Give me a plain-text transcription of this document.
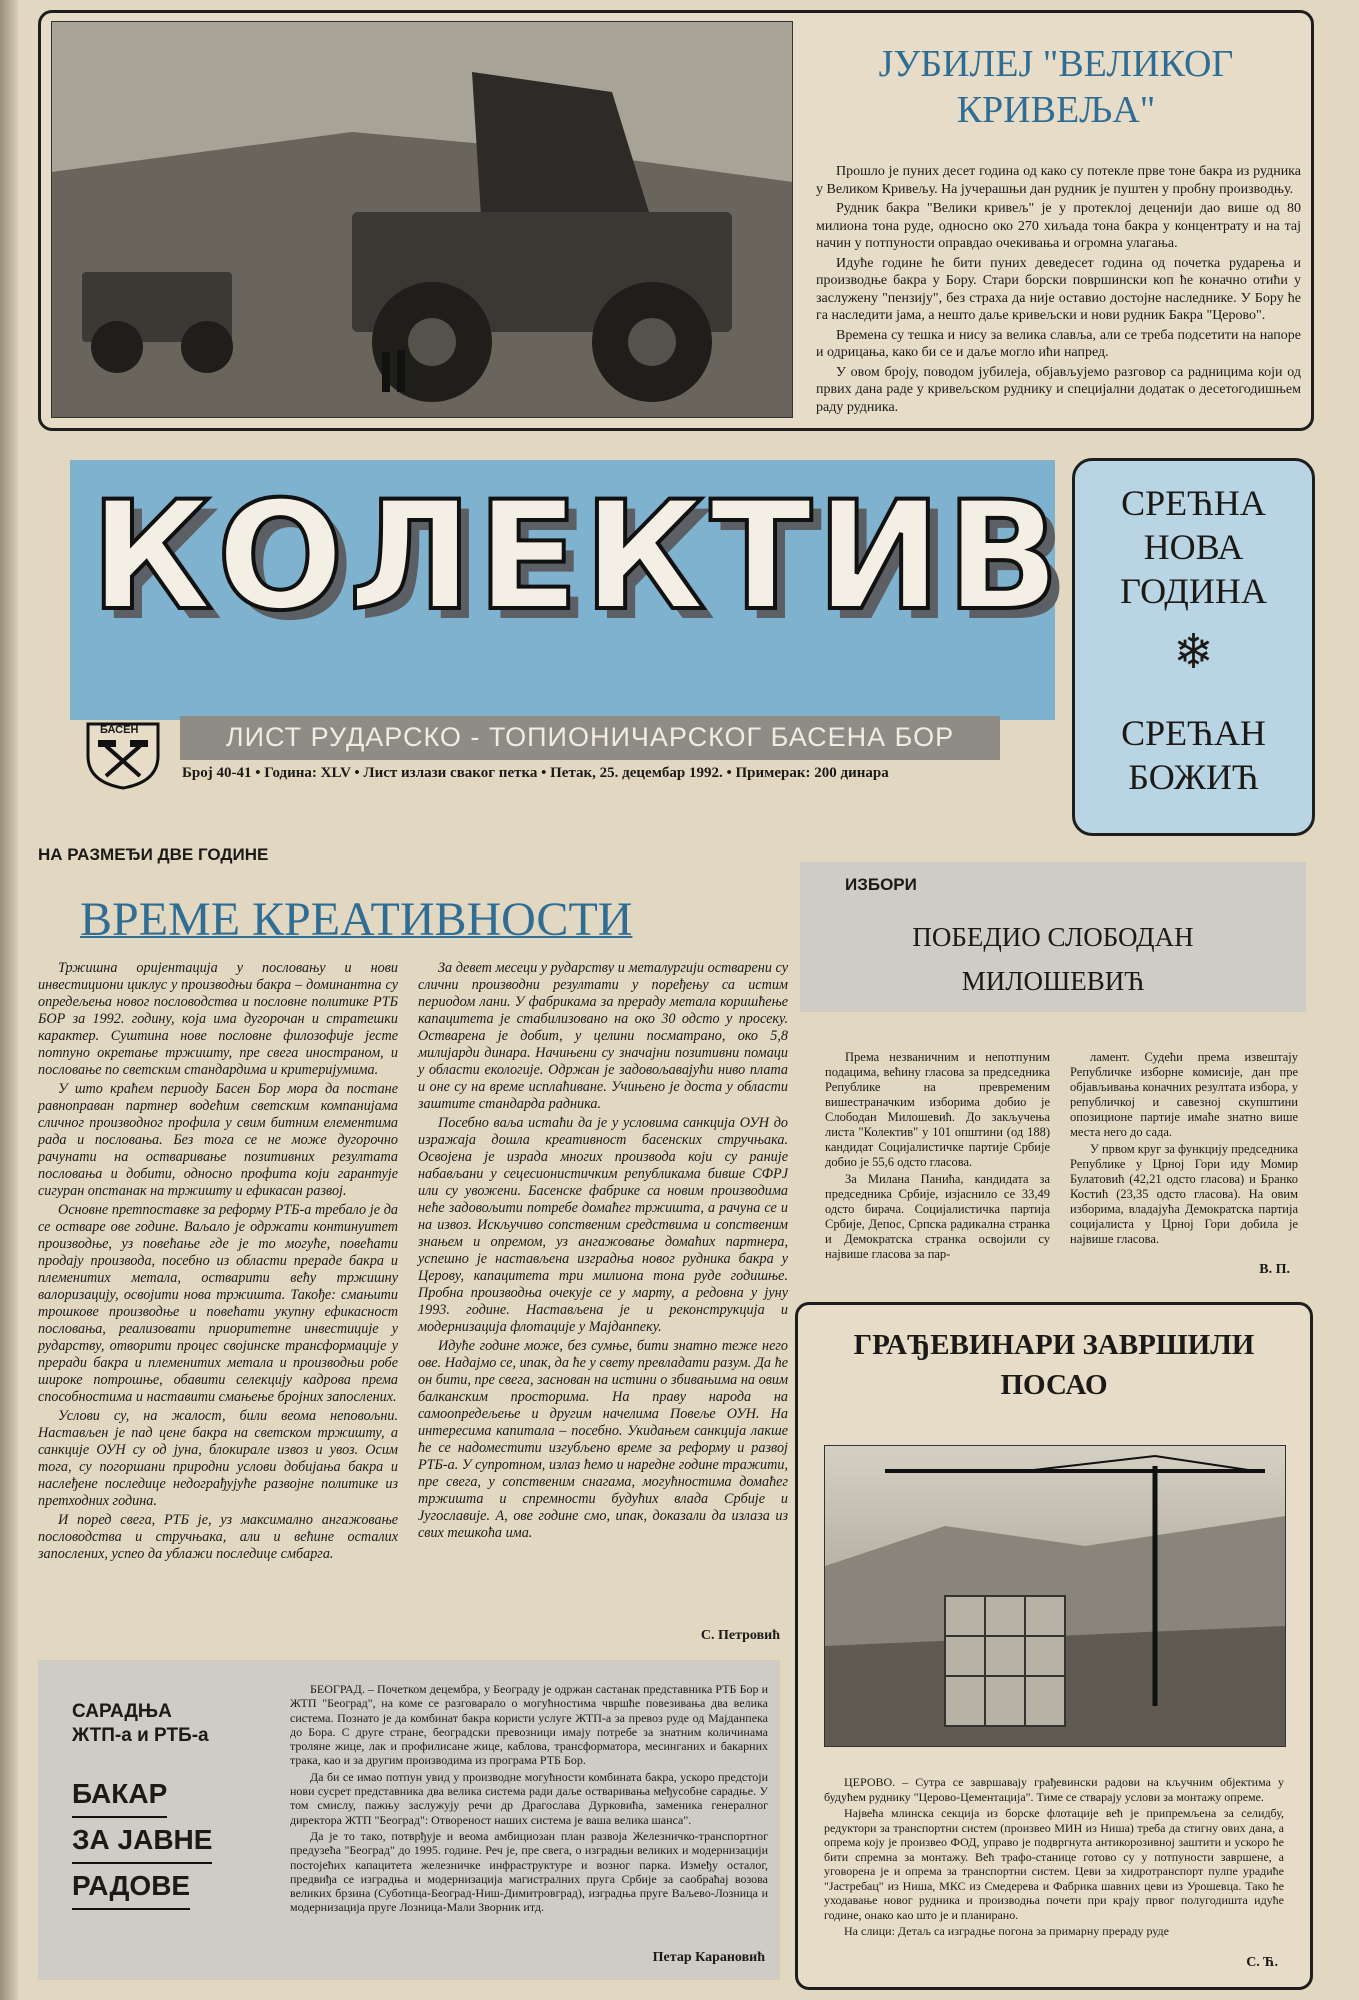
ЈУБИЛЕЈ "ВЕЛИКОГ
КРИВЕЉА"

Прошло је пуних десет година од како су потекле прве тоне бакра из рудника у Великом Кривељу. На јучерашњи дан рудник је пуштен у пробну производњу.

Рудник бакра "Велики кривељ" је у протеклој деценији дао више од 80 милиона тона руде, односно око 270 хиљада тона бакра у концентрату и на тај начин у потпуности оправдао очекивања и огромна улагања.

Идуће године ће бити пуних деведесет година од почетка рударења и производње бакра у Бору. Стари борски површински коп ће коначно отићи у заслужену "пензију", без страха да није оставио достојне наследнике. У Бору ће га наследити јама, а нешто даље кривељски и нови рудник Бакра "Церово".

Времена су тешка и нису за велика славља, али се треба подсетити на напоре и одрицања, како би се и даље могло ићи напред.

У овом броју, поводом јубилеја, објављујемо разговор са радницима који од првих дана раде у кривељском руднику и специјални додатак о десетогодишњем раду рудника.

КОЛЕКТИВ
ЛИСТ РУДАРСКО - ТОПИОНИЧАРСКОГ БАСЕНА БОР
БАСЕН
Број 40-41 • Година: XLV • Лист излази сваког петка • Петак, 25. децембар 1992. • Примерак: 200 динара
СРЕЋНА
НОВА
ГОДИНА
❄
СРЕЋАН
БОЖИЋ
НА РАЗМЕЂИ ДВЕ ГОДИНЕ
ВРЕМЕ КРЕАТИВНОСТИ

Тржишна оријентација у пословању и нови инвестициони циклус у производњи бакра – доминантна су опредељења новог пословодства и пословне политике РТБ БОР за 1992. годину, која има дугорочан и стратешки карактер. Суштина нове пословне филозофије јесте потпуно окретање тржишту, пре свега иностраном, и пословање по светским стандардима и критеријумима.

У што краћем периоду Басен Бор мора да постане равноправан партнер водећим светским компанијама сличног производног профила у свим битним елементима рада и пословања. Без тога се не може дугорочно рачунати на остваривање позитивних резултата пословања и добити, односно профита који гарантује сигуран опстанак на тржишту и ефикасан развој.

Основне претпоставке за реформу РТБ-а требало је да се остваре ове године. Ваљало је одржати континуитет производње, уз повећање где је то могуће, повећати продају производа, посебно из области прераде бакра и племенитих метала, остварити већу тржишну валоризацију, освојити нова тржишта. Такође: смањити трошкове производње и повећати укупну ефикасност пословања, реализовати приоритетне инвестиције у рударству, отворити процес својинске трансформације у преради бакра и племенитих метала и производњи робе широке потрошње, обавити селекцију кадрова према способностима и наставити смањење бројних запослених.

Услови су, на жалост, били веома неповољни. Настављен је пад цене бакра на светском тржишту, а санкције ОУН су од јуна, блокирале извоз и увоз. Осим тога, су погоршани природни услови добијања бакра и наслеђене последице недограђујуће развојне политике из претходних година.

И поред свега, РТБ је, уз максимално ангажовање пословодства и стручњака, али и већине осталих запослених, успео да ублажи последице смбарга.

За девет месеци у рударству и металургији остварени су слични производни резултати у поређењу са истим периодом лани. У фабрикама за прераду метала коришћење капацитета је стабилизовано на око 30 одсто у просеку. Остварена је добит, у целини посматрано, око 5,8 милијарди динара. Начињени су значајни позитивни помаци у области екологије. Одржан је задовољавајући ниво плата и оне су на време исплаћиване. Учињено је доста у области заштите стандарда радника.

Посебно ваља истаћи да је у условима санкција ОУН до изражаја дошла креативност басенских стручњака. Освојена је израда многих производа који су раније набављани у сецесионистичким републикама бивше СФРЈ или су увожени. Басенске фабрике са новим производима неће задовољити потребе домаћег тржишта, а рачуна се и на извоз. Искључиво сопственим средствима и сопственим знањем и опремом, уз ангажовање домаћих партнера, успешно је настављена изградња новог рудника бакра у Церову, капацитета три милиона тона руде годишње. Пробна производња очекује се у марту, а редовна у јуну 1993. године. Настављена је и реконструкција и модернизација флотације у Мајданпеку.

Идуће године може, без сумње, бити знатно теже него ове. Надајмо се, ипак, да ће у свету превладати разум. Да ће он бити, пре свега, заснован на истини о збивањима на овим балканским просторима. На праву народа на самоопредељење и другим начелима Повеље ОУН. На интересима капитала – посебно. Укидањем санкција лакше ће се надоместити изгубљено време за реформу и развој РТБ-а. У супротном, излаз ћемо и наредне године тражити, пре свега, у сопственим снагама, могућностима домаћег тржишта и спремности будућих влада Србије и Југославије. А, ове године смо, ипак, доказали да излаза из свих тешкоћа има.

С. Петровић
САРАДЊА
ЖТП-а и РТБ-а
БАКАР
ЗА ЈАВНЕ
РАДОВЕ

БЕОГРАД. – Почетком децембра, у Београду је одржан састанак представника РТБ Бор и ЖТП "Београд", на коме се разговарало о могућностима чвршће повезивања два велика система. Познато је да комбинат бакра користи услуге ЖТП-а за превоз руде од Мајданпека до Бора. С друге стране, београдски превозници имају потребе за знатним количинама троляне жице, лак и профилисане жице, каблова, трансформатора, месинганих и бакарних трака, као и за другим производима из програма РТБ Бор.

Да би се имао потпун увид у производне могућности комбината бакра, ускоро предстоји нови сусрет представника два велика система ради даље остваривања међусобне сарадње. У том смислу, пажњу заслужују речи др Драгослава Дурковића, заменика генералног директора ЖТП "Београд": Отвореност наших система је вашa велика шанса".

Да је то тако, потврђује и веома амбициозан план развоја Железничко-транспортног предузећа "Београд" до 1995. године. Реч је, пре свега, о изградњи великих и модернизацији постојећих капацитета железничке инфраструктуре и возног парка. Између осталог, предвиђа се изградња и модернизација магистралних пруга Србије за саобраћај возова великих брзина (Суботица-Београд-Ниш-Димитровград), изградња пруге Ваљево-Лозница и модернизација пруге Лозница-Мали Зворник итд.

Петар Карановић
ИЗБОРИ
ПОБЕДИО СЛОБОДАН
МИЛОШЕВИЋ

Према незваничним и непотпуним подацима, већину гласова за председника Републике на превременим вишестраначким изборима добио је Слободан Милошевић. До закључења листа "Колектив" у 101 општини (од 188) кандидат Социјалистичке партије Србије добио је 55,6 одсто гласова.

За Милана Панића, кандидата за председника Србије, изјаснило се 33,49 одсто бирача. Социјалистичка партија Србије, Депос, Српска радикална странка и Демократска странка освојили су највише гласова за пар-

ламент. Судећи према извештају Републичке изборне комисије, дан пре објављивања коначних резултата избора, у републичкој и савезној скупштини опозиционе партије имаће знатно више места него до сада.

У првом круг за функцију председника Републике у Црној Гори иду Момир Булатовић (42,21 одсто гласова) и Бранко Костић (23,35 одсто гласова). На овим изборима, владајућа Демократска партија социјалиста у Црној Гори добила је највише гласова.

В. П.
ГРАЂЕВИНАРИ ЗАВРШИЛИ
ПОСАО

ЦЕРОВО. – Сутра се завршавају грађевински радови на кључним објектима у будућем руднику "Церово-Цементација". Тиме се стварају услови за монтажу опреме.

Највећа млинска секција из борске флотације већ је припремљена за селидбу, редуктори за транспортни систем (произвео МИН из Ниша) треба да стигну ових дана, а опрема коју је произвео ФОД, управо је подвргнута антикорозивној заштити и ускоро ће бити спремна за монтажу. Већ трафо-станице готово су у потпуности завршене, а уговорена је и опрема за транспортни систем. Цеви за хидротранспорт пулпе урадиће "Јастребац" из Ниша, МКС из Смедерева и Фабрика шавних цеви из Урошевца. Тако ће уходавање новог рудника и производња почети при крају првог полугодишта идуће године, онако као што је и планирано.

На слици: Детаљ са изградње погона за примарну прераду руде

С. Ћ.
